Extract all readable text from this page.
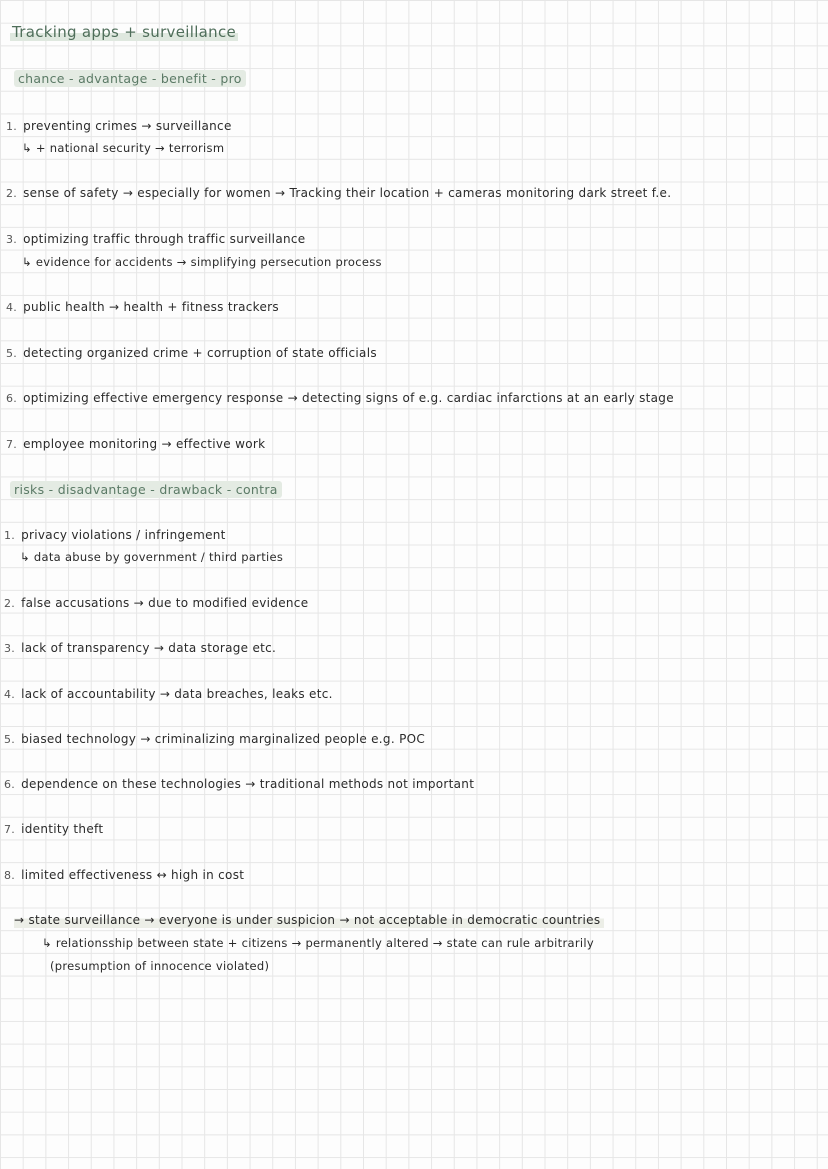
Tracking apps + surveillance
chance - advantage - benefit - pro
1. preventing crimes → surveillance
↳ + national security → terrorism
2. sense of safety → especially for women → Tracking their location + cameras monitoring dark street f.e.
3. optimizing traffic through traffic surveillance
↳ evidence for accidents → simplifying persecution process
4. public health → health + fitness trackers
5. detecting organized crime + corruption of state officials
6. optimizing effective emergency response → detecting signs of e.g. cardiac infarctions at an early stage
7. employee monitoring → effective work
risks - disadvantage - drawback - contra
1. privacy violations / infringement
↳ data abuse by government / third parties
2. false accusations → due to modified evidence
3. lack of transparency → data storage etc.
4. lack of accountability → data breaches, leaks etc.
5. biased technology → criminalizing marginalized people e.g. POC
6. dependence on these technologies → traditional methods not important
7. identity theft
8. limited effectiveness ↔ high in cost
→ state surveillance → everyone is under suspicion → not acceptable in democratic countries
↳ relationsship between state + citizens → permanently altered → state can rule arbitrarily
(presumption of innocence violated)
